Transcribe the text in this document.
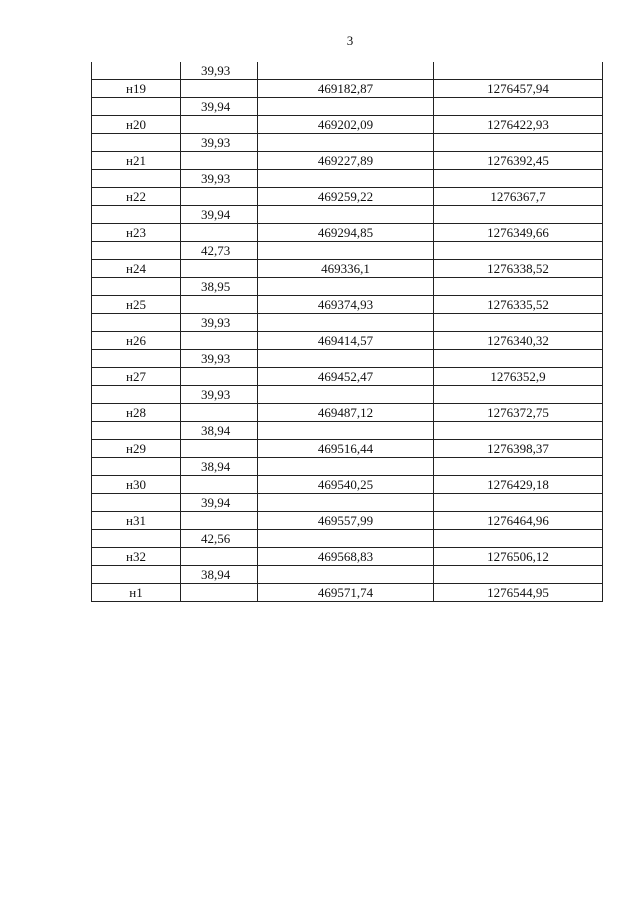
3
	39,93		
н19		469182,87	1276457,94
	39,94		
н20		469202,09	1276422,93
	39,93		
н21		469227,89	1276392,45
	39,93		
н22		469259,22	1276367,7
	39,94		
н23		469294,85	1276349,66
	42,73		
н24		469336,1	1276338,52
	38,95		
н25		469374,93	1276335,52
	39,93		
н26		469414,57	1276340,32
	39,93		
н27		469452,47	1276352,9
	39,93		
н28		469487,12	1276372,75
	38,94		
н29		469516,44	1276398,37
	38,94		
н30		469540,25	1276429,18
	39,94		
н31		469557,99	1276464,96
	42,56		
н32		469568,83	1276506,12
	38,94		
н1		469571,74	1276544,95
